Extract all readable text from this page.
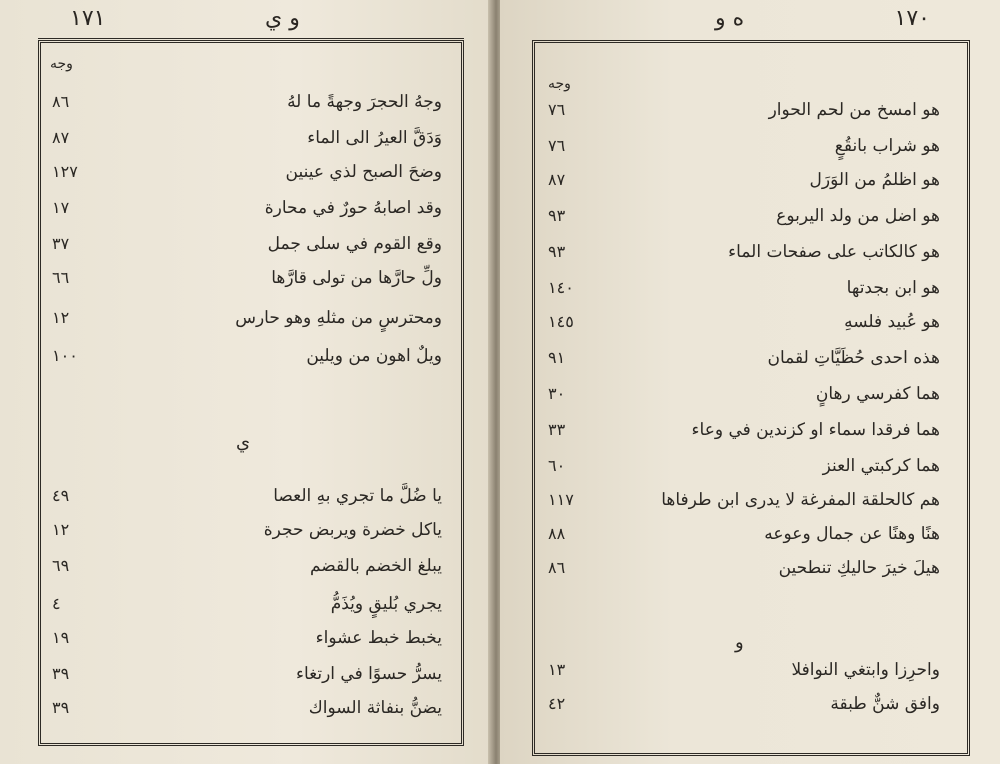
١٧١	و ي
وجه
ي
وجهُ الحجرَ وجهةً ما لهُ
٨٦
وَدَقَّ العيرُ الى الماء
٨٧
وضحَ الصبح لذي عينين
١٢٧
وقد اصابهُ حورٌ في محارة
١٧
وقع القوم في سلى جمل
٣٧
ولِّ حارَّها من تولى قارَّها
٦٦
ومحترسٍ من مثلهِ وهو حارس
١٢
ويلٌ اهون من ويلين
١٠٠
يا ضُلَّ ما تجري بهِ العصا
٤٩
ياكل خضرة ويربض حجرة
١٢
يبلغ الخضم بالقضم
٦٩
يجري بُليقٍ ويُذَمُّ
٤
يخبط خبط عشواء
١٩
يسرُّ حسوًا في ارتغاء
٣٩
يضنُّ بنفاثة السواك
٣٩
١٧٠
ه و
وجه
و
هو امسخ من لحم الحوار
٧٦
هو شراب بانقُعٍ
٧٦
هو اظلمُ من الوَرَل
٨٧
هو اضل من ولد اليربوع
٩٣
هو كالكاتب على صفحات الماء
٩٣
هو ابن بجدتها
١٤٠
هو عُبيد فلسهِ
١٤٥
هذه احدى حُظَيَّاتِ لقمان
٩١
هما كفرسي رهانٍ
٣٠
هما فرقدا سماء او كزندين في وعاء
٣٣
هما كركبتي العنز
٦٠
هم كالحلقة المفرغة لا يدرى ابن طرفاها
١١٧
هنًا وهنًا عن جمال وعوعه
٨٨
هيلَ خيرَ حاليكِ تنطحين
٨٦
واحرِزا وابتغي النوافلا
١٣
وافق شنٌّ طبقة
٤٢
